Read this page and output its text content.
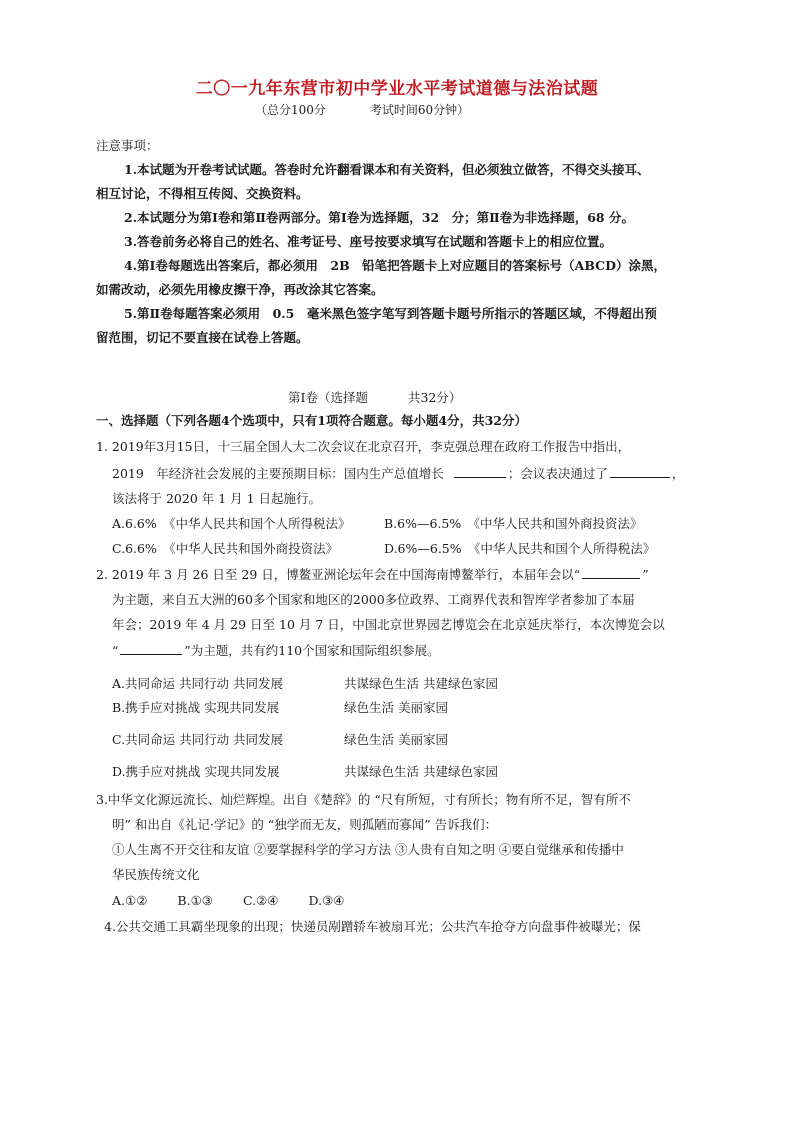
二〇一九年东营市初中学业水平考试道德与法治试题
（总分100分	考试时间60分钟）
注意事项：
1.本试题为开卷考试试题。答卷时允许翻看课本和有关资料，但必须独立做答，不得交头接耳、
相互讨论，不得相互传阅、交换资料。
2.本试题分为第Ⅰ卷和第Ⅱ卷两部分。第Ⅰ卷为选择题，32　分；第Ⅱ卷为非选择题，68 分。
3.答卷前务必将自己的姓名、准考证号、座号按要求填写在试题和答题卡上的相应位置。
4.第Ⅰ卷每题选出答案后，都必须用　2B　铅笔把答题卡上对应题目的答案标号（ABCD）涂黑，
如需改动，必须先用橡皮擦干净，再改涂其它答案。
5.第Ⅱ卷每题答案必须用　0.5　毫米黑色签字笔写到答题卡题号所指示的答题区域，不得超出预
留范围，切记不要直接在试卷上答题。
第Ⅰ卷（选择题	共32分）
一、选择题（下列各题4个选项中，只有1项符合题意。每小题4分，共32分）
1. 2019年3月15日，十三届全国人大二次会议在北京召开，李克强总理在政府工作报告中指出，
2019　年经济社会发展的主要预期目标：国内生产总值增长	；会议表决通过了	，
该法将于 2020 年 1 月 1 日起施行。
A.6.6%　《中华人民共和国个人所得税法》	B.6%—6.5%　《中华人民共和国外商投资法》
C.6.6%　《中华人民共和国外商投资法》	D.6%—6.5%　《中华人民共和国个人所得税法》
2. 2019 年 3 月 26 日至 29 日，博鳌亚洲论坛年会在中国海南博鳌举行，本届年会以“	”
为主题，来自五大洲的60多个国家和地区的2000多位政界、工商界代表和智库学者参加了本届
年会；2019 年 4 月 29 日至 10 月 7 日，中国北京世界园艺博览会在北京延庆举行，本次博览会以
“	”为主题，共有约110个国家和国际组织参展。
A.共同命运 共同行动 共同发展	共谋绿色生活 共建绿色家园
B.携手应对挑战 实现共同发展	绿色生活 美丽家园
C.共同命运 共同行动 共同发展	绿色生活 美丽家园
D.携手应对挑战 实现共同发展	共谋绿色生活 共建绿色家园
3.中华文化源远流长、灿烂辉煌。出自《楚辞》的 “尺有所短，寸有所长；物有所不足，智有所不
明” 和出自《礼记·学记》的 “独学而无友，则孤陋而寡闻” 告诉我们：
①人生离不开交往和友谊 ②要掌握科学的学习方法 ③人贵有自知之明 ④要自觉继承和传播中
华民族传统文化
A.①② B.①③ C.②④ D.③④
4.公共交通工具霸坐现象的出现；快递员剐蹭轿车被扇耳光；公共汽车抢夺方向盘事件被曝光；保
